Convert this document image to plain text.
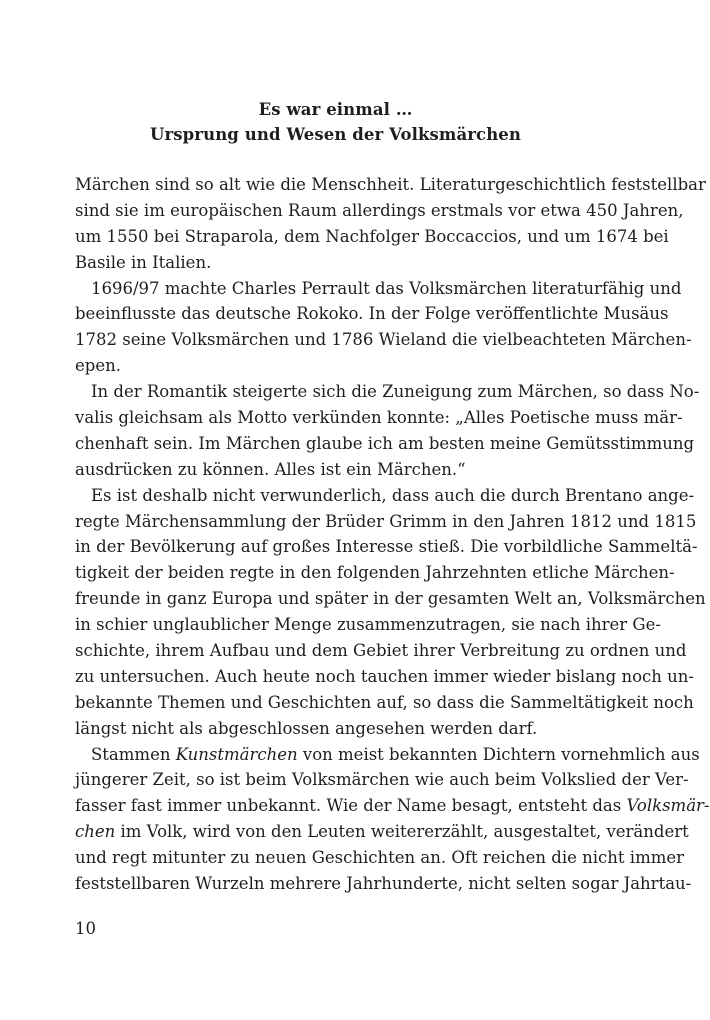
Es war einmal …
Ursprung und Wesen der Volksmärchen
Märchen sind so alt wie die Menschheit. Literaturgeschichtlich feststellbar
sind sie im europäischen Raum allerdings erstmals vor etwa 450 Jahren,
um 1550 bei Straparola, dem Nachfolger Boccaccios, und um 1674 bei
Basile in Italien.
1696/97 machte Charles Perrault das Volksmärchen literaturfähig und
beeinflusste das deutsche Rokoko. In der Folge veröffentlichte Musäus
1782 seine Volksmärchen und 1786 Wieland die vielbeachteten Märchen-
epen.
In der Romantik steigerte sich die Zuneigung zum Märchen, so dass No-
valis gleichsam als Motto verkünden konnte: „Alles Poetische muss mär-
chenhaft sein. Im Märchen glaube ich am besten meine Gemütsstimmung
ausdrücken zu können. Alles ist ein Märchen.“
Es ist deshalb nicht verwunderlich, dass auch die durch Brentano ange-
regte Märchensammlung der Brüder Grimm in den Jahren 1812 und 1815
in der Bevölkerung auf großes Interesse stieß. Die vorbildliche Sammeltä-
tigkeit der beiden regte in den folgenden Jahrzehnten etliche Märchen-
freunde in ganz Europa und später in der gesamten Welt an, Volksmärchen
in schier unglaublicher Menge zusammenzutragen, sie nach ihrer Ge-
schichte, ihrem Aufbau und dem Gebiet ihrer Verbreitung zu ordnen und
zu untersuchen. Auch heute noch tauchen immer wieder bislang noch un-
bekannte Themen und Geschichten auf, so dass die Sammeltätigkeit noch
längst nicht als abgeschlossen angesehen werden darf.
Stammen Kunstmärchen von meist bekannten Dichtern vornehmlich aus
jüngerer Zeit, so ist beim Volksmärchen wie auch beim Volkslied der Ver-
fasser fast immer unbekannt. Wie der Name besagt, entsteht das Volksmär-
chen im Volk, wird von den Leuten weitererzählt, ausgestaltet, verändert
und regt mitunter zu neuen Geschichten an. Oft reichen die nicht immer
feststellbaren Wurzeln mehrere Jahrhunderte, nicht selten sogar Jahrtau-
10
